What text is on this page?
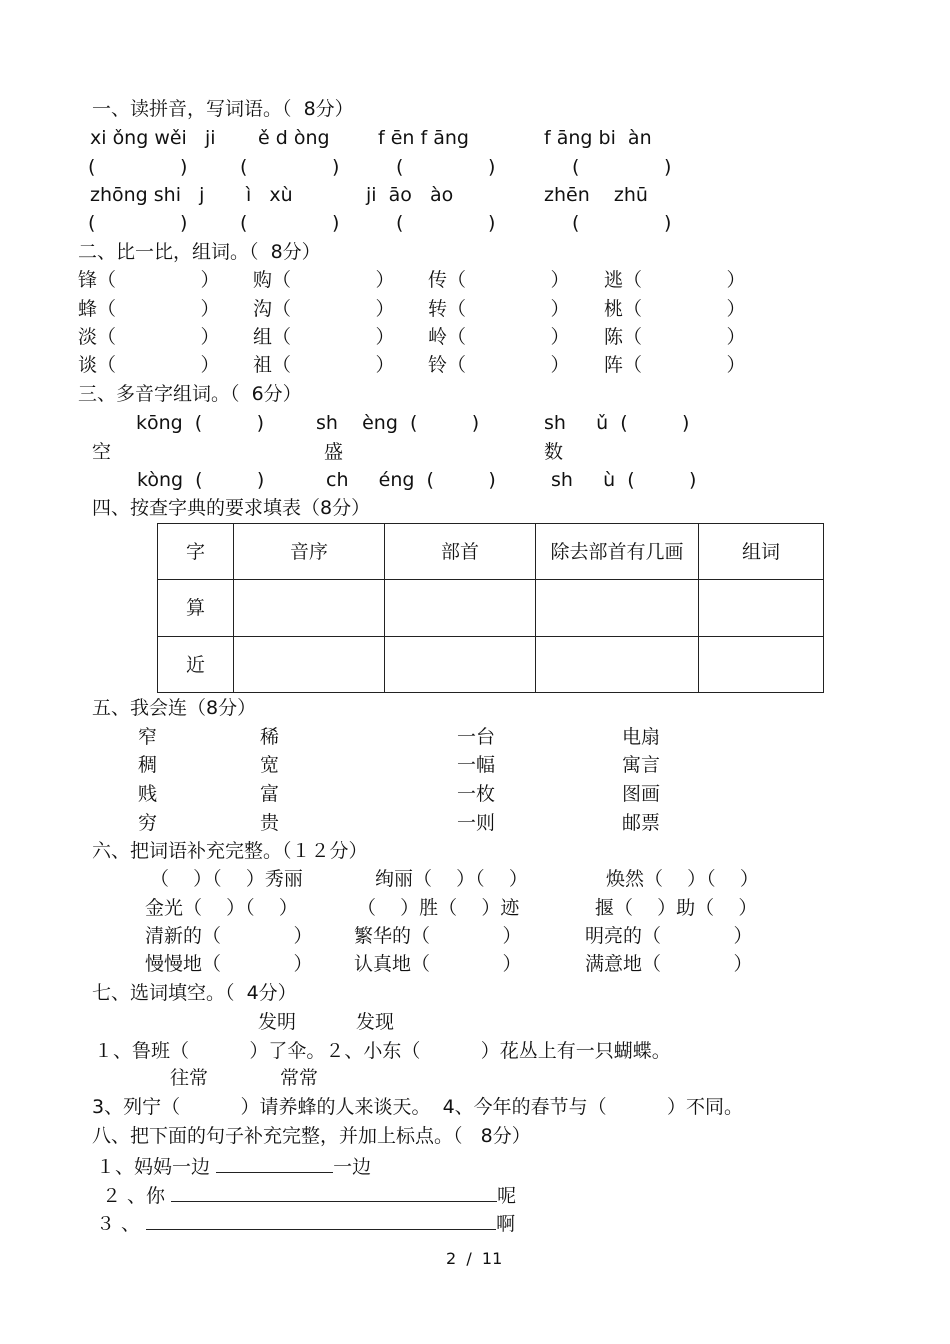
一、读拼音，写词语。（  8分）
xi ǒng wěi   ji ě d òng	f ēn f āng	f āng bi  àn
(              )	(              )	(              )	(              )
zhōng shi   j ì   xù	ji  āo   ào	zhēn    zhū
(              )	(              )	(              )	(              )
二、比一比，组词。（  8分）
锋（              ） 购（              ） 传（              ） 逃（              ）
蜂（              ） 沟（              ） 转（              ） 桃（              ）
淡（              ） 组（              ） 岭（              ） 陈（              ）
谈（              ） 祖（              ） 铃（              ） 阵（              ）
三、多音字组词。（  6分）
kōng  (         )	sh    èng  (         )	sh     ǔ  (         )
空	盛	数
kòng  (         )	ch     éng  (         )	sh     ù  (         )
四、按查字典的要求填表（8分）
字	音序	部首	除去部首有几画	组词
算				
近				
五、我会连（8分）
窄	稀	一台	电扇
稠	宽	一幅	寓言
贱	富	一枚	图画
穷	贵	一则	邮票
六、把词语补充完整。（１２分）
（    ）（    ）秀丽	绚丽（    ）（    ）	焕然（    ）（    ）
金光（    ）（    ）	（    ）胜（    ）迹	揠（    ）助（    ）
清新的（            ） 繁华的（            ）	明亮的（            ）
慢慢地（            ） 认真地（            ）	满意地（            ）
七、选词填空。（  4分）
发明	发现
１、鲁班（          ）了伞。２、小东（          ）花丛上有一只蝴蝶。
往常	常常
3、列宁（          ）请养蜂的人来谈天。  4、今年的春节与（          ）不同。
八、把下面的句子补充完整，并加上标点。（   8分）
１、妈妈一边	一边
２ 、你	呢
３ 、	啊
2  /  11
